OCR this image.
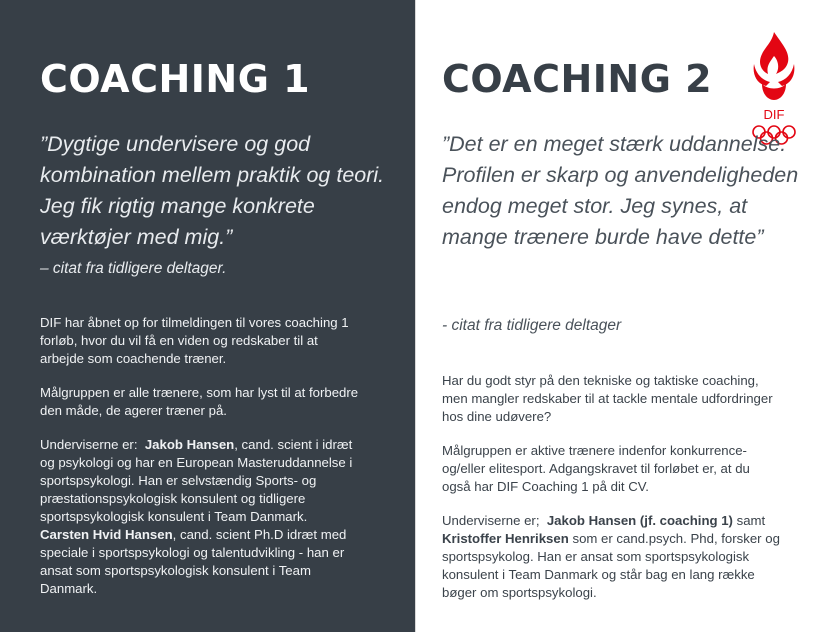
COACHING 1

”Dygtige undervisere og god kombination mellem praktik og teori. Jeg fik rigtig mange konkrete værktøjer med mig.”

– citat fra tidligere deltager.

DIF har åbnet op for tilmeldingen til vores coaching 1 forløb, hvor du vil få en viden og redskaber til at arbejde som coachende træner.

Målgruppen er alle trænere, som har lyst til at forbedre den måde, de agerer træner på.

Underviserne er: Jakob Hansen, cand. scient i idræt og psykologi og har en European Masteruddannelse i sportspsykologi. Han er selvstændig Sports- og præstationspsykologisk konsulent og tidligere sportspsykologisk konsulent i Team Danmark. Carsten Hvid Hansen, cand. scient Ph.D idræt med speciale i sportspsykologi og talentudvikling - han er ansat som sportspsykologisk konsulent i Team Danmark.

COACHING 2
DIF

”Det er en meget stærk uddannelse. Profilen er skarp og anvendeligheden endog meget stor. Jeg synes, at mange trænere burde have dette”

- citat fra tidligere deltager

Har du godt styr på den tekniske og taktiske coaching, men mangler redskaber til at tackle mentale udfordringer hos dine udøvere?

Målgruppen er aktive trænere indenfor konkurrence- og/eller elitesport. Adgangskravet til forløbet er, at du også har DIF Coaching 1 på dit CV.

Underviserne er; Jakob Hansen (jf. coaching 1) samt Kristoffer Henriksen som er cand.psych. Phd, forsker og sportspsykolog. Han er ansat som sportspsykologisk konsulent i Team Danmark og står bag en lang række bøger om sportspsykologi.
